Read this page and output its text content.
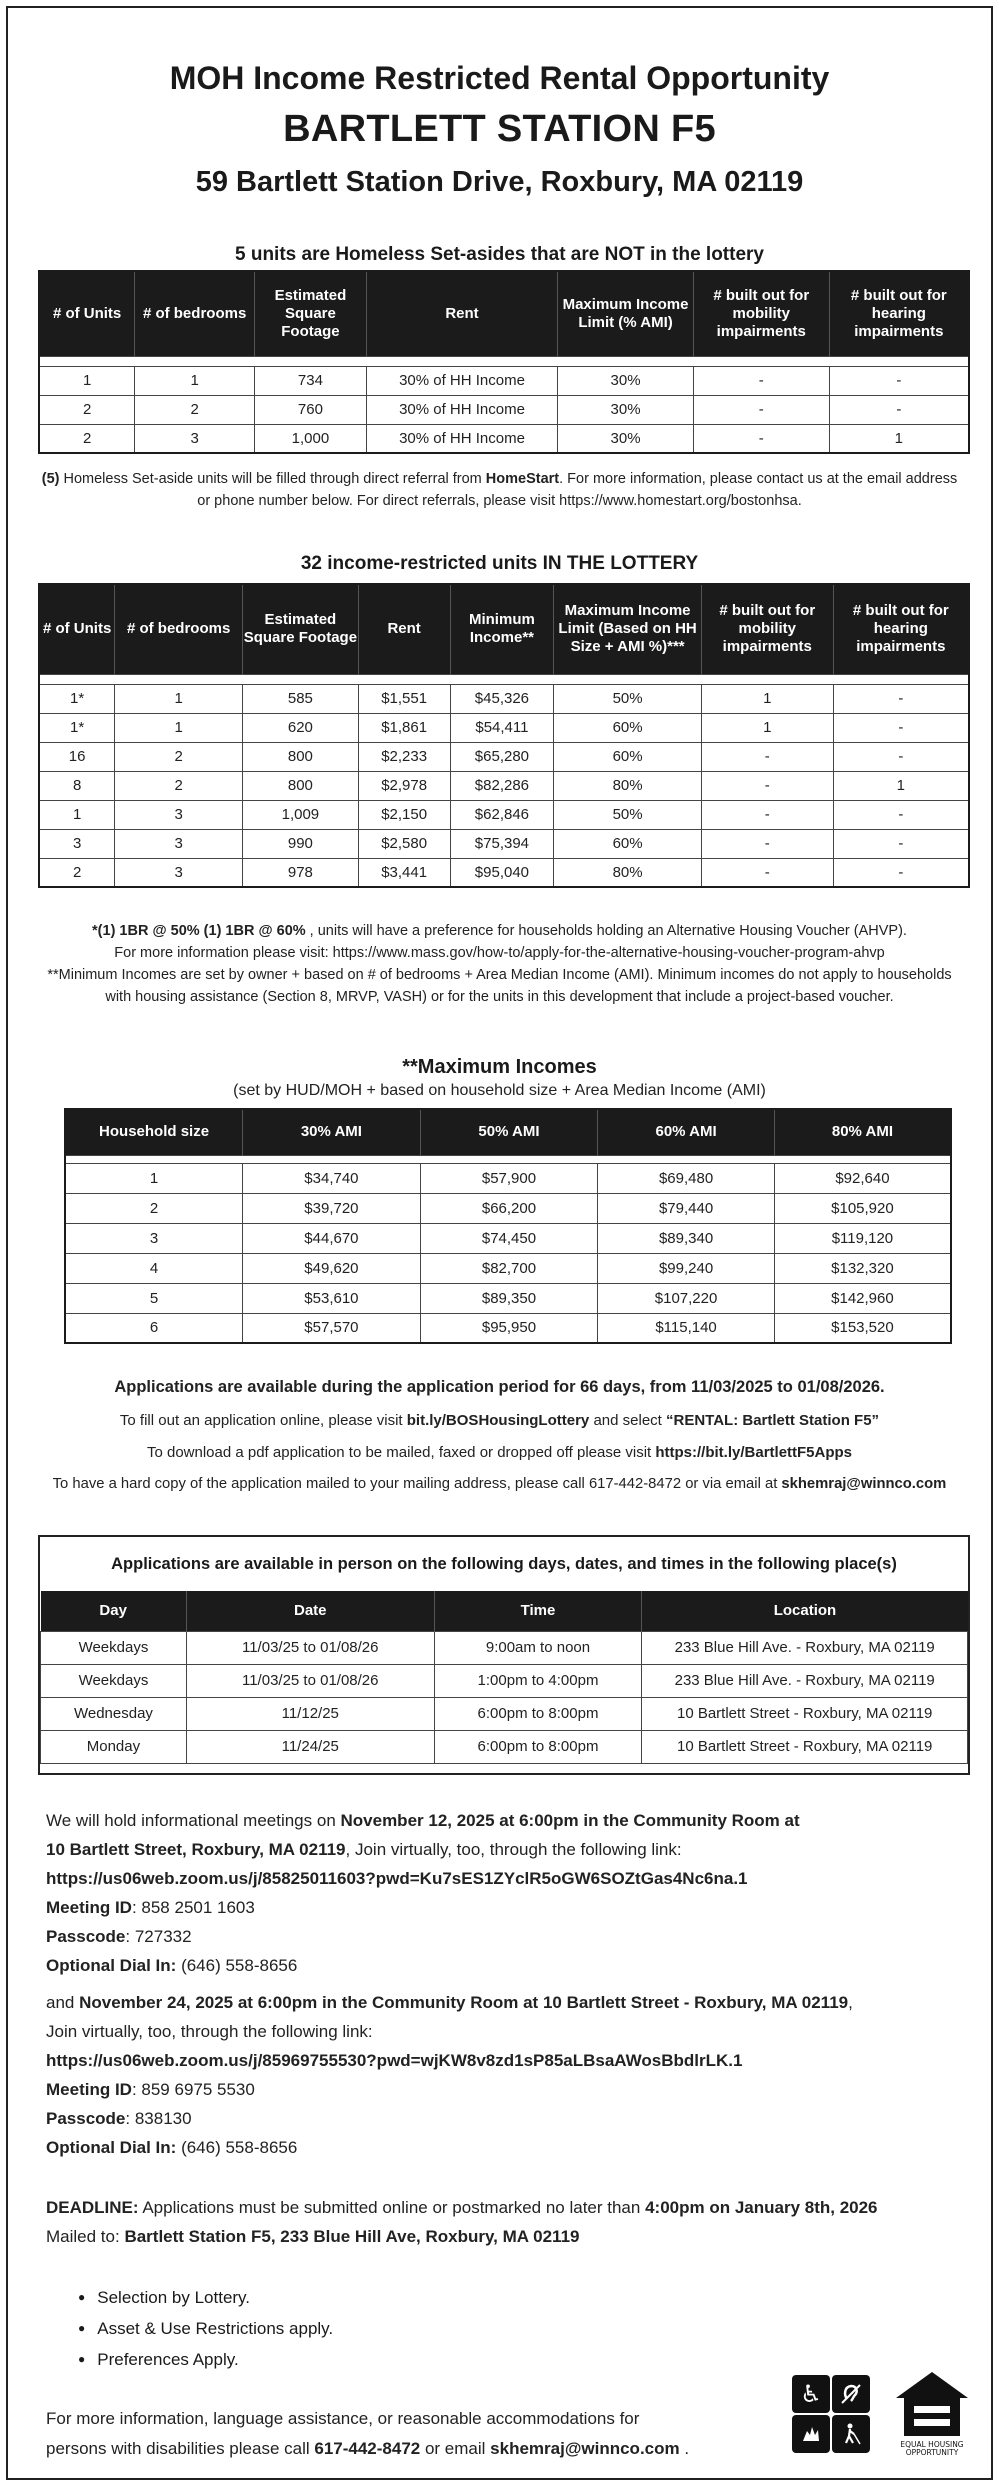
MOH Income Restricted Rental Opportunity
BARTLETT STATION F5
59 Bartlett Station Drive, Roxbury, MA 02119
5 units are Homeless Set-asides that are NOT in the lottery
# of Units	# of bedrooms	Estimated Square Footage	Rent	Maximum Income Limit (% AMI)	# built out for mobility impairments	# built out for hearing impairments

1	1	734	30% of HH Income	30%	-	-
2	2	760	30% of HH Income	30%	-	-
2	3	1,000	30% of HH Income	30%	-	1
(5) Homeless Set-aside units will be filled through direct referral from HomeStart. For more information, please contact us at the email address or phone number below. For direct referrals, please visit https://www.homestart.org/bostonhsa.
32 income-restricted units IN THE LOTTERY
# of Units	# of bedrooms	Estimated Square Footage	Rent	Minimum Income**	Maximum Income Limit (Based on HH Size + AMI %)***	# built out for mobility impairments	# built out for hearing impairments

1*	1	585	$1,551	$45,326	50%	1	-
1*	1	620	$1,861	$54,411	60%	1	-
16	2	800	$2,233	$65,280	60%	-	-
8	2	800	$2,978	$82,286	80%	-	1
1	3	1,009	$2,150	$62,846	50%	-	-
3	3	990	$2,580	$75,394	60%	-	-
2	3	978	$3,441	$95,040	80%	-	-
*(1) 1BR @ 50% (1) 1BR @ 60% , units will have a preference for households holding an Alternative Housing Voucher (AHVP).
For more information please visit: https://www.mass.gov/how-to/apply-for-the-alternative-housing-voucher-program-ahvp
**Minimum Incomes are set by owner + based on # of bedrooms + Area Median Income (AMI). Minimum incomes do not apply to households with housing assistance (Section 8, MRVP, VASH) or for the units in this development that include a project-based voucher.
**Maximum Incomes
(set by HUD/MOH + based on household size + Area Median Income (AMI)
Household size	30% AMI	50% AMI	60% AMI	80% AMI

1	$34,740	$57,900	$69,480	$92,640
2	$39,720	$66,200	$79,440	$105,920
3	$44,670	$74,450	$89,340	$119,120
4	$49,620	$82,700	$99,240	$132,320
5	$53,610	$89,350	$107,220	$142,960
6	$57,570	$95,950	$115,140	$153,520
Applications are available during the application period for 66 days, from 11/03/2025 to 01/08/2026.
To fill out an application online, please visit bit.ly/BOSHousingLottery and select “RENTAL: Bartlett Station F5”
To download a pdf application to be mailed, faxed or dropped off please visit https://bit.ly/BartlettF5Apps
To have a hard copy of the application mailed to your mailing address, please call 617-442-8472 or via email at skhemraj@winnco.com
Applications are available in person on the following days, dates, and times in the following place(s)
Day	Date	Time	Location
Weekdays	11/03/25 to 01/08/26	9:00am to noon	233 Blue Hill Ave. - Roxbury, MA 02119
Weekdays	11/03/25 to 01/08/26	1:00pm to 4:00pm	233 Blue Hill Ave. - Roxbury, MA 02119
Wednesday	11/12/25	6:00pm to 8:00pm	10 Bartlett Street - Roxbury, MA 02119
Monday	11/24/25	6:00pm to 8:00pm	10 Bartlett Street - Roxbury, MA 02119
We will hold informational meetings on November 12, 2025 at 6:00pm in the Community Room at
10 Bartlett Street, Roxbury, MA 02119, Join virtually, too, through the following link:
https://us06web.zoom.us/j/85825011603?pwd=Ku7sES1ZYclR5oGW6SOZtGas4Nc6na.1
Meeting ID: 858 2501 1603
Passcode: 727332
Optional Dial In: (646) 558-8656
and November 24, 2025 at 6:00pm in the Community Room at 10 Bartlett Street - Roxbury, MA 02119,
Join virtually, too, through the following link:
https://us06web.zoom.us/j/85969755530?pwd=wjKW8v8zd1sP85aLBsaAWosBbdlrLK.1
Meeting ID: 859 6975 5530
Passcode: 838130
Optional Dial In: (646) 558-8656
DEADLINE: Applications must be submitted online or postmarked no later than 4:00pm on January 8th, 2026
Mailed to: Bartlett Station F5, 233 Blue Hill Ave, Roxbury, MA 02119
● Selection by Lottery.
● Asset & Use Restrictions apply.
● Preferences Apply.
For more information, language assistance, or reasonable accommodations for
persons with disabilities please call 617-442-8472 or email skhemraj@winnco.com .
♿
EQUAL HOUSING
OPPORTUNITY
